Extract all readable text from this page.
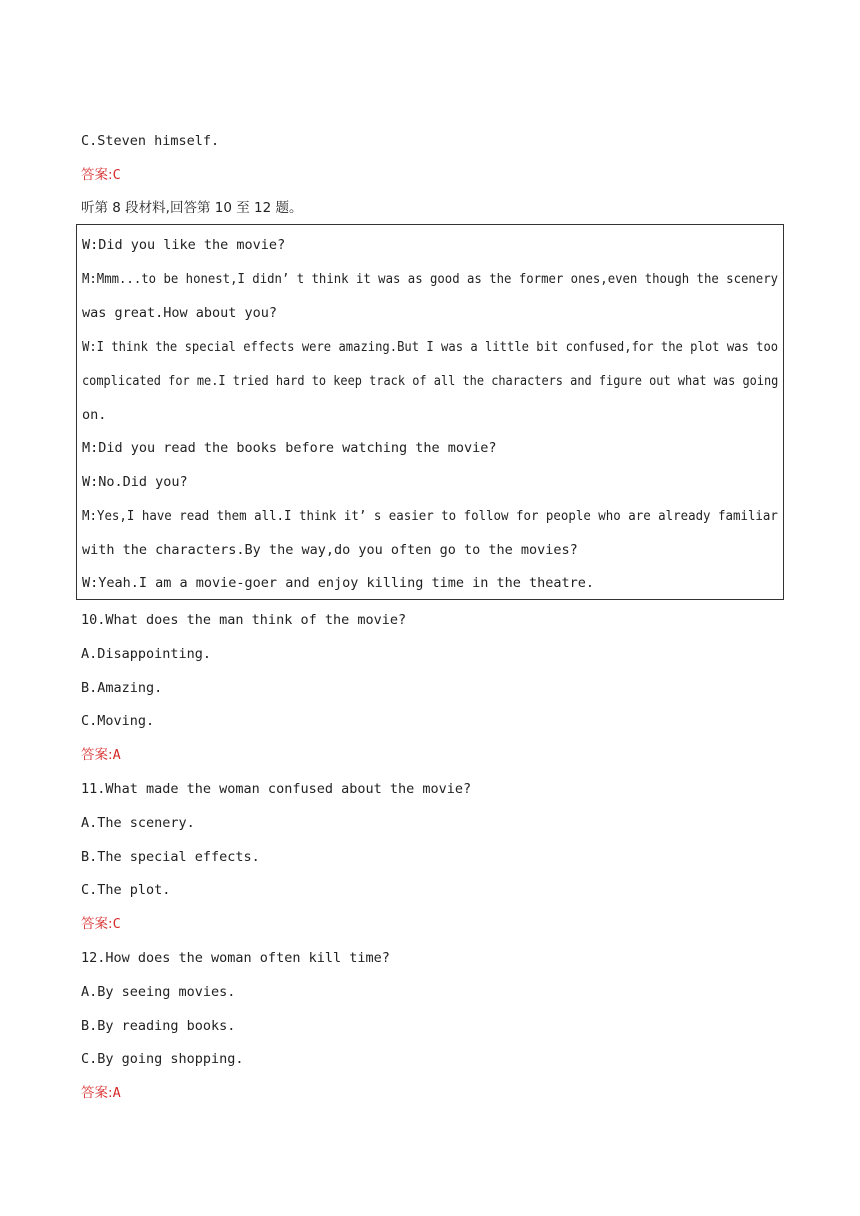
C.Steven himself.
答案:C
听第 8 段材料,回答第 10 至 12 题。
W:Did you like the movie?
M:Mmm...to be honest,I didn’ t think it was as good as the former ones,even though the scenery
was great.How about you?
W:I think the special effects were amazing.But I was a little bit confused,for the plot was too
complicated for me.I tried hard to keep track of all the characters and figure out what was going
on.
M:Did you read the books before watching the movie?
W:No.Did you?
M:Yes,I have read them all.I think it’ s easier to follow for people who are already familiar
with the characters.By the way,do you often go to the movies?
W:Yeah.I am a movie-goer and enjoy killing time in the theatre.
10.What does the man think of the movie?
A.Disappointing.
B.Amazing.
C.Moving.
答案:A
11.What made the woman confused about the movie?
A.The scenery.
B.The special effects.
C.The plot.
答案:C
12.How does the woman often kill time?
A.By seeing movies.
B.By reading books.
C.By going shopping.
答案:A
